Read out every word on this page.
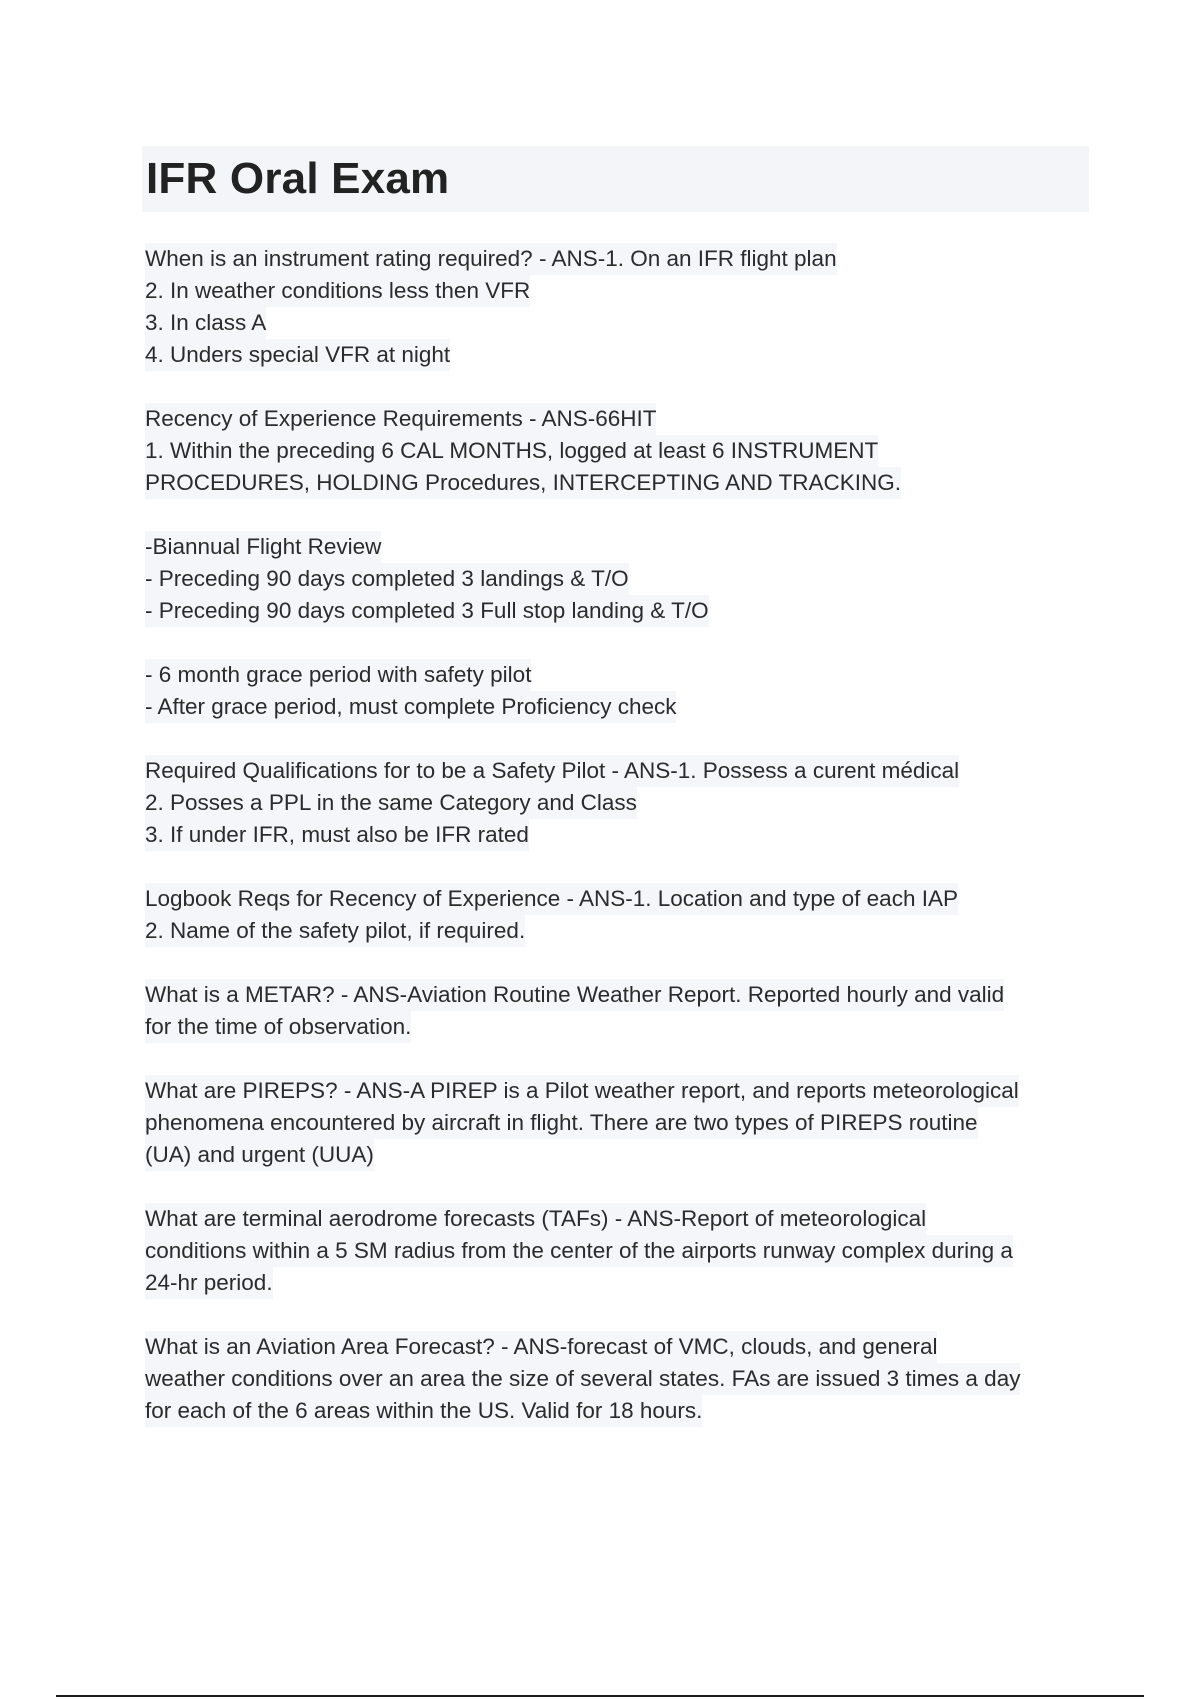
IFR Oral Exam
When is an instrument rating required? - ANS-1. On an IFR flight plan
2. In weather conditions less then VFR
3. In class A
4. Unders special VFR at night
Recency of Experience Requirements - ANS-66HIT
1. Within the preceding 6 CAL MONTHS, logged at least 6 INSTRUMENT
PROCEDURES, HOLDING Procedures, INTERCEPTING AND TRACKING.
-Biannual Flight Review
- Preceding 90 days completed 3 landings & T/O
- Preceding 90 days completed 3 Full stop landing & T/O
- 6 month grace period with safety pilot
- After grace period, must complete Proficiency check
Required Qualifications for to be a Safety Pilot - ANS-1. Possess a curent médical
2. Posses a PPL in the same Category and Class
3. If under IFR, must also be IFR rated
Logbook Reqs for Recency of Experience - ANS-1. Location and type of each IAP
2. Name of the safety pilot, if required.
What is a METAR? - ANS-Aviation Routine Weather Report. Reported hourly and valid
for the time of observation.
What are PIREPS? - ANS-A PIREP is a Pilot weather report, and reports meteorological
phenomena encountered by aircraft in flight. There are two types of PIREPS routine
(UA) and urgent (UUA)
What are terminal aerodrome forecasts (TAFs) - ANS-Report of meteorological
conditions within a 5 SM radius from the center of the airports runway complex during a
24-hr period.
What is an Aviation Area Forecast? - ANS-forecast of VMC, clouds, and general
weather conditions over an area the size of several states. FAs are issued 3 times a day
for each of the 6 areas within the US. Valid for 18 hours.
